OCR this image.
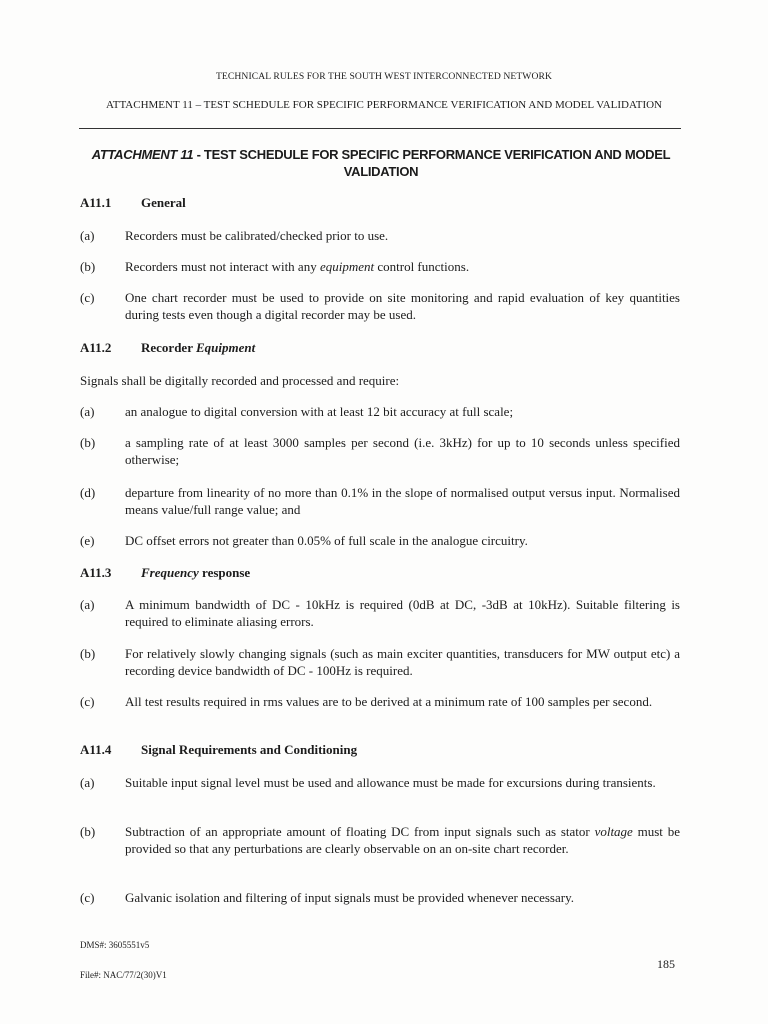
TECHNICAL RULES FOR THE SOUTH WEST INTERCONNECTED NETWORK
ATTACHMENT 11 – TEST SCHEDULE FOR SPECIFIC PERFORMANCE VERIFICATION AND MODEL VALIDATION
ATTACHMENT 11 - TEST SCHEDULE FOR SPECIFIC PERFORMANCE VERIFICATION AND MODEL VALIDATION
A11.1 General
(a) Recorders must be calibrated/checked prior to use.
(b) Recorders must not interact with any equipment control functions.
(c) One chart recorder must be used to provide on site monitoring and rapid evaluation of key quantities during tests even though a digital recorder may be used.
A11.2 Recorder Equipment
Signals shall be digitally recorded and processed and require:
(a) an analogue to digital conversion with at least 12 bit accuracy at full scale;
(b) a sampling rate of at least 3000 samples per second (i.e. 3kHz) for up to 10 seconds unless specified otherwise;
(d) departure from linearity of no more than 0.1% in the slope of normalised output versus input. Normalised means value/full range value; and
(e) DC offset errors not greater than 0.05% of full scale in the analogue circuitry.
A11.3 Frequency response
(a) A minimum bandwidth of DC - 10kHz is required (0dB at DC, -3dB at 10kHz). Suitable filtering is required to eliminate aliasing errors.
(b) For relatively slowly changing signals (such as main exciter quantities, transducers for MW output etc) a recording device bandwidth of DC - 100Hz is required.
(c) All test results required in rms values are to be derived at a minimum rate of 100 samples per second.
A11.4 Signal Requirements and Conditioning
(a) Suitable input signal level must be used and allowance must be made for excursions during transients.
(b) Subtraction of an appropriate amount of floating DC from input signals such as stator voltage must be provided so that any perturbations are clearly observable on an on-site chart recorder.
(c) Galvanic isolation and filtering of input signals must be provided whenever necessary.
DMS#: 3605551v5
File#: NAC/77/2(30)V1
185
